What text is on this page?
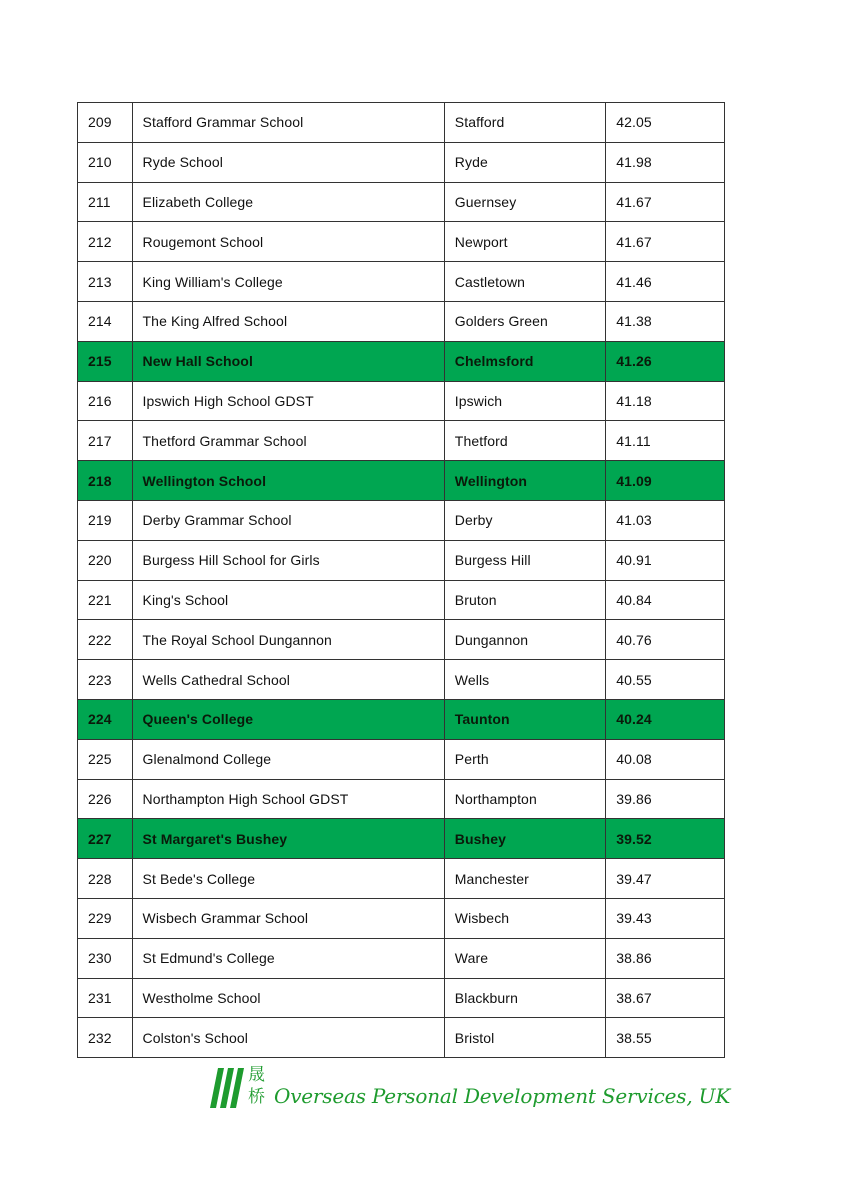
209	Stafford Grammar School	Stafford	42.05
210	Ryde School	Ryde	41.98
211	Elizabeth College	Guernsey	41.67
212	Rougemont School	Newport	41.67
213	King William's College	Castletown	41.46
214	The King Alfred School	Golders Green	41.38
215	New Hall School	Chelmsford	41.26
216	Ipswich High School GDST	Ipswich	41.18
217	Thetford Grammar School	Thetford	41.11
218	Wellington School	Wellington	41.09
219	Derby Grammar School	Derby	41.03
220	Burgess Hill School for Girls	Burgess Hill	40.91
221	King's School	Bruton	40.84
222	The Royal School Dungannon	Dungannon	40.76
223	Wells Cathedral School	Wells	40.55
224	Queen's College	Taunton	40.24
225	Glenalmond College	Perth	40.08
226	Northampton High School GDST	Northampton	39.86
227	St Margaret's Bushey	Bushey	39.52
228	St Bede's College	Manchester	39.47
229	Wisbech Grammar School	Wisbech	39.43
230	St Edmund's College	Ware	38.86
231	Westholme School	Blackburn	38.67
232	Colston's School	Bristol	38.55
晟
桥 Overseas Personal Development Services, UK
